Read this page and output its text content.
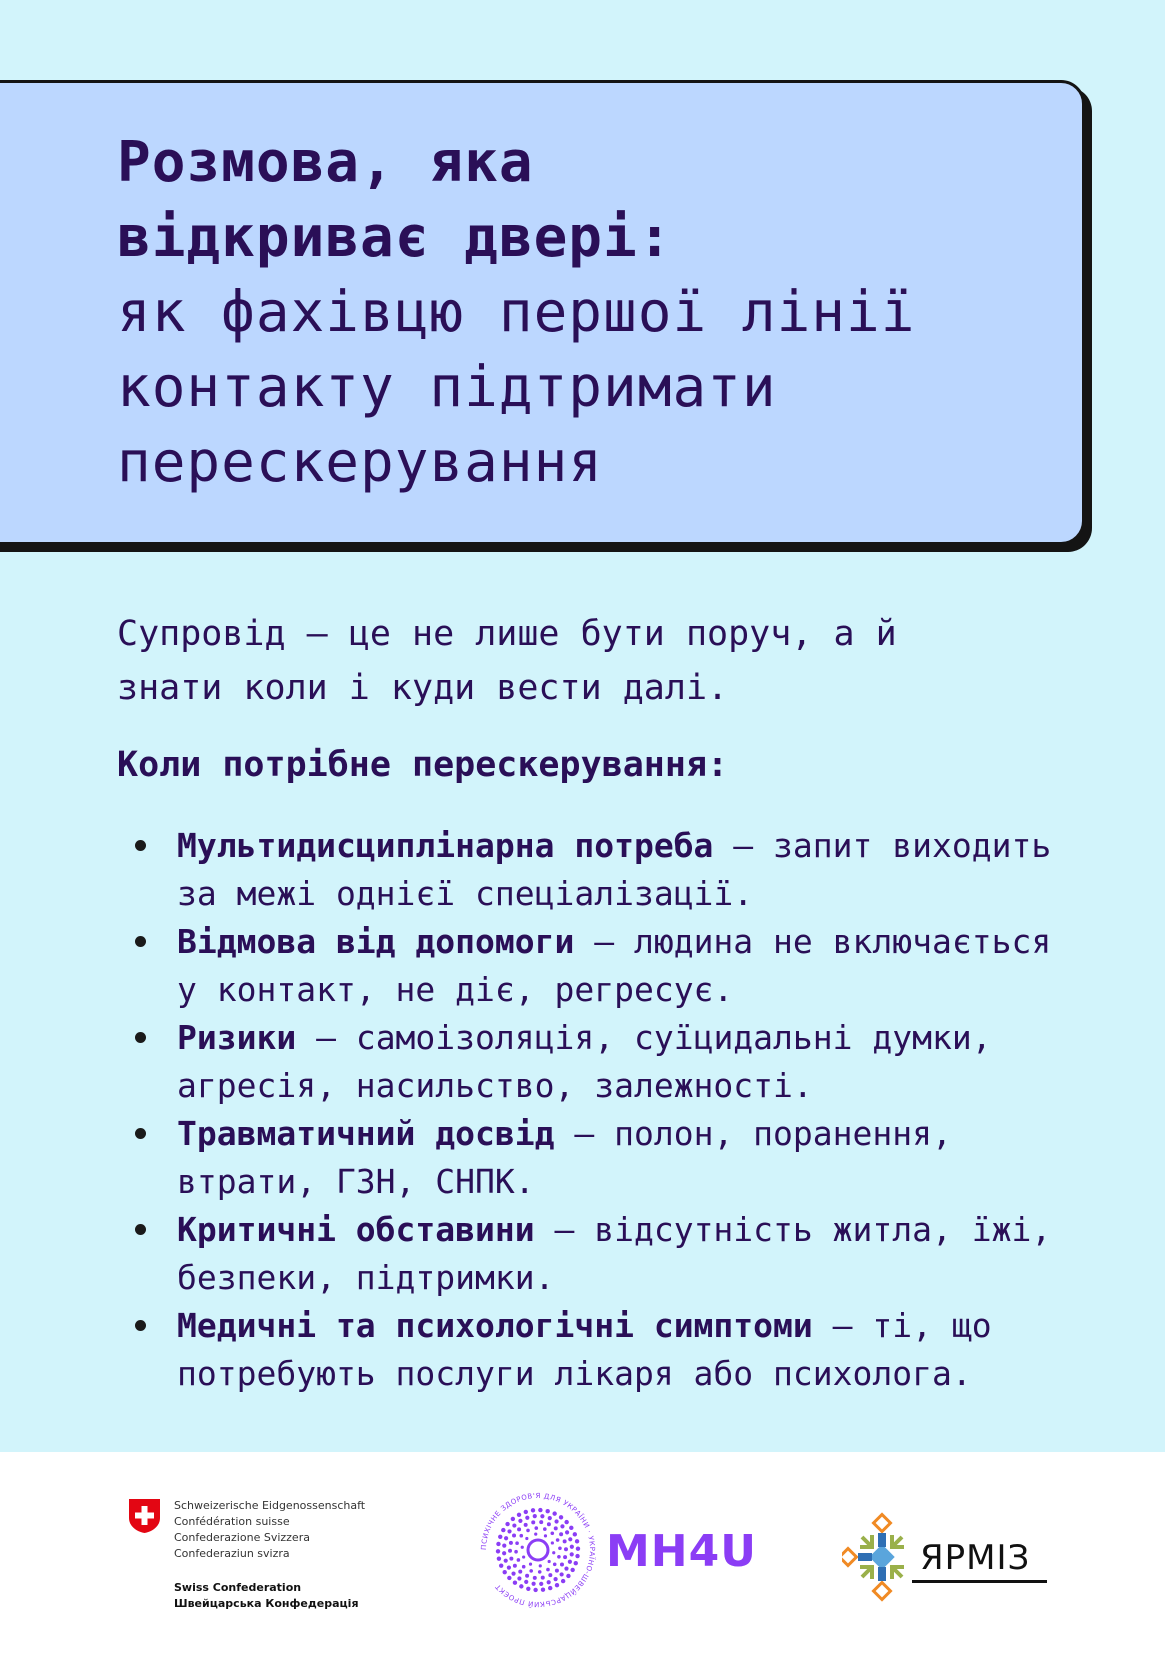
Розмова, яка
відкриває двері:
як фахівцю першої лінії
контакту підтримати
перескерування
Супровід — це не лише бути поруч, а й
знати коли і куди вести далі.
Коли потрібне перескерування:
Мультидисциплінарна потреба — запит виходить за межі однієї спеціалізації.
Відмова від допомоги — людина не включається у контакт, не діє, регресує.
Ризики — самоізоляція, суїцидальні думки, агресія, насильство, залежності.
Травматичний досвід — полон, поранення, втрати, ГЗН, СНПК.
Критичні обставини — відсутність житла, їжі, безпеки, підтримки.
Медичні та психологічні симптоми — ті, що потребують послуги лікаря або психолога.
Schweizerische Eidgenossenschaft
Confédération suisse
Confederazione Svizzera
Confederaziun svizra
Swiss Confederation
Швейцарська Конфедерація
ПСИХІЧНЕ ЗДОРОВ'Я ДЛЯ УКРАЇНИ · УКРАЇНО-ШВЕЙЦАРСЬКИЙ ПРОЄКТ
MH4U	ЯРМІЗ
